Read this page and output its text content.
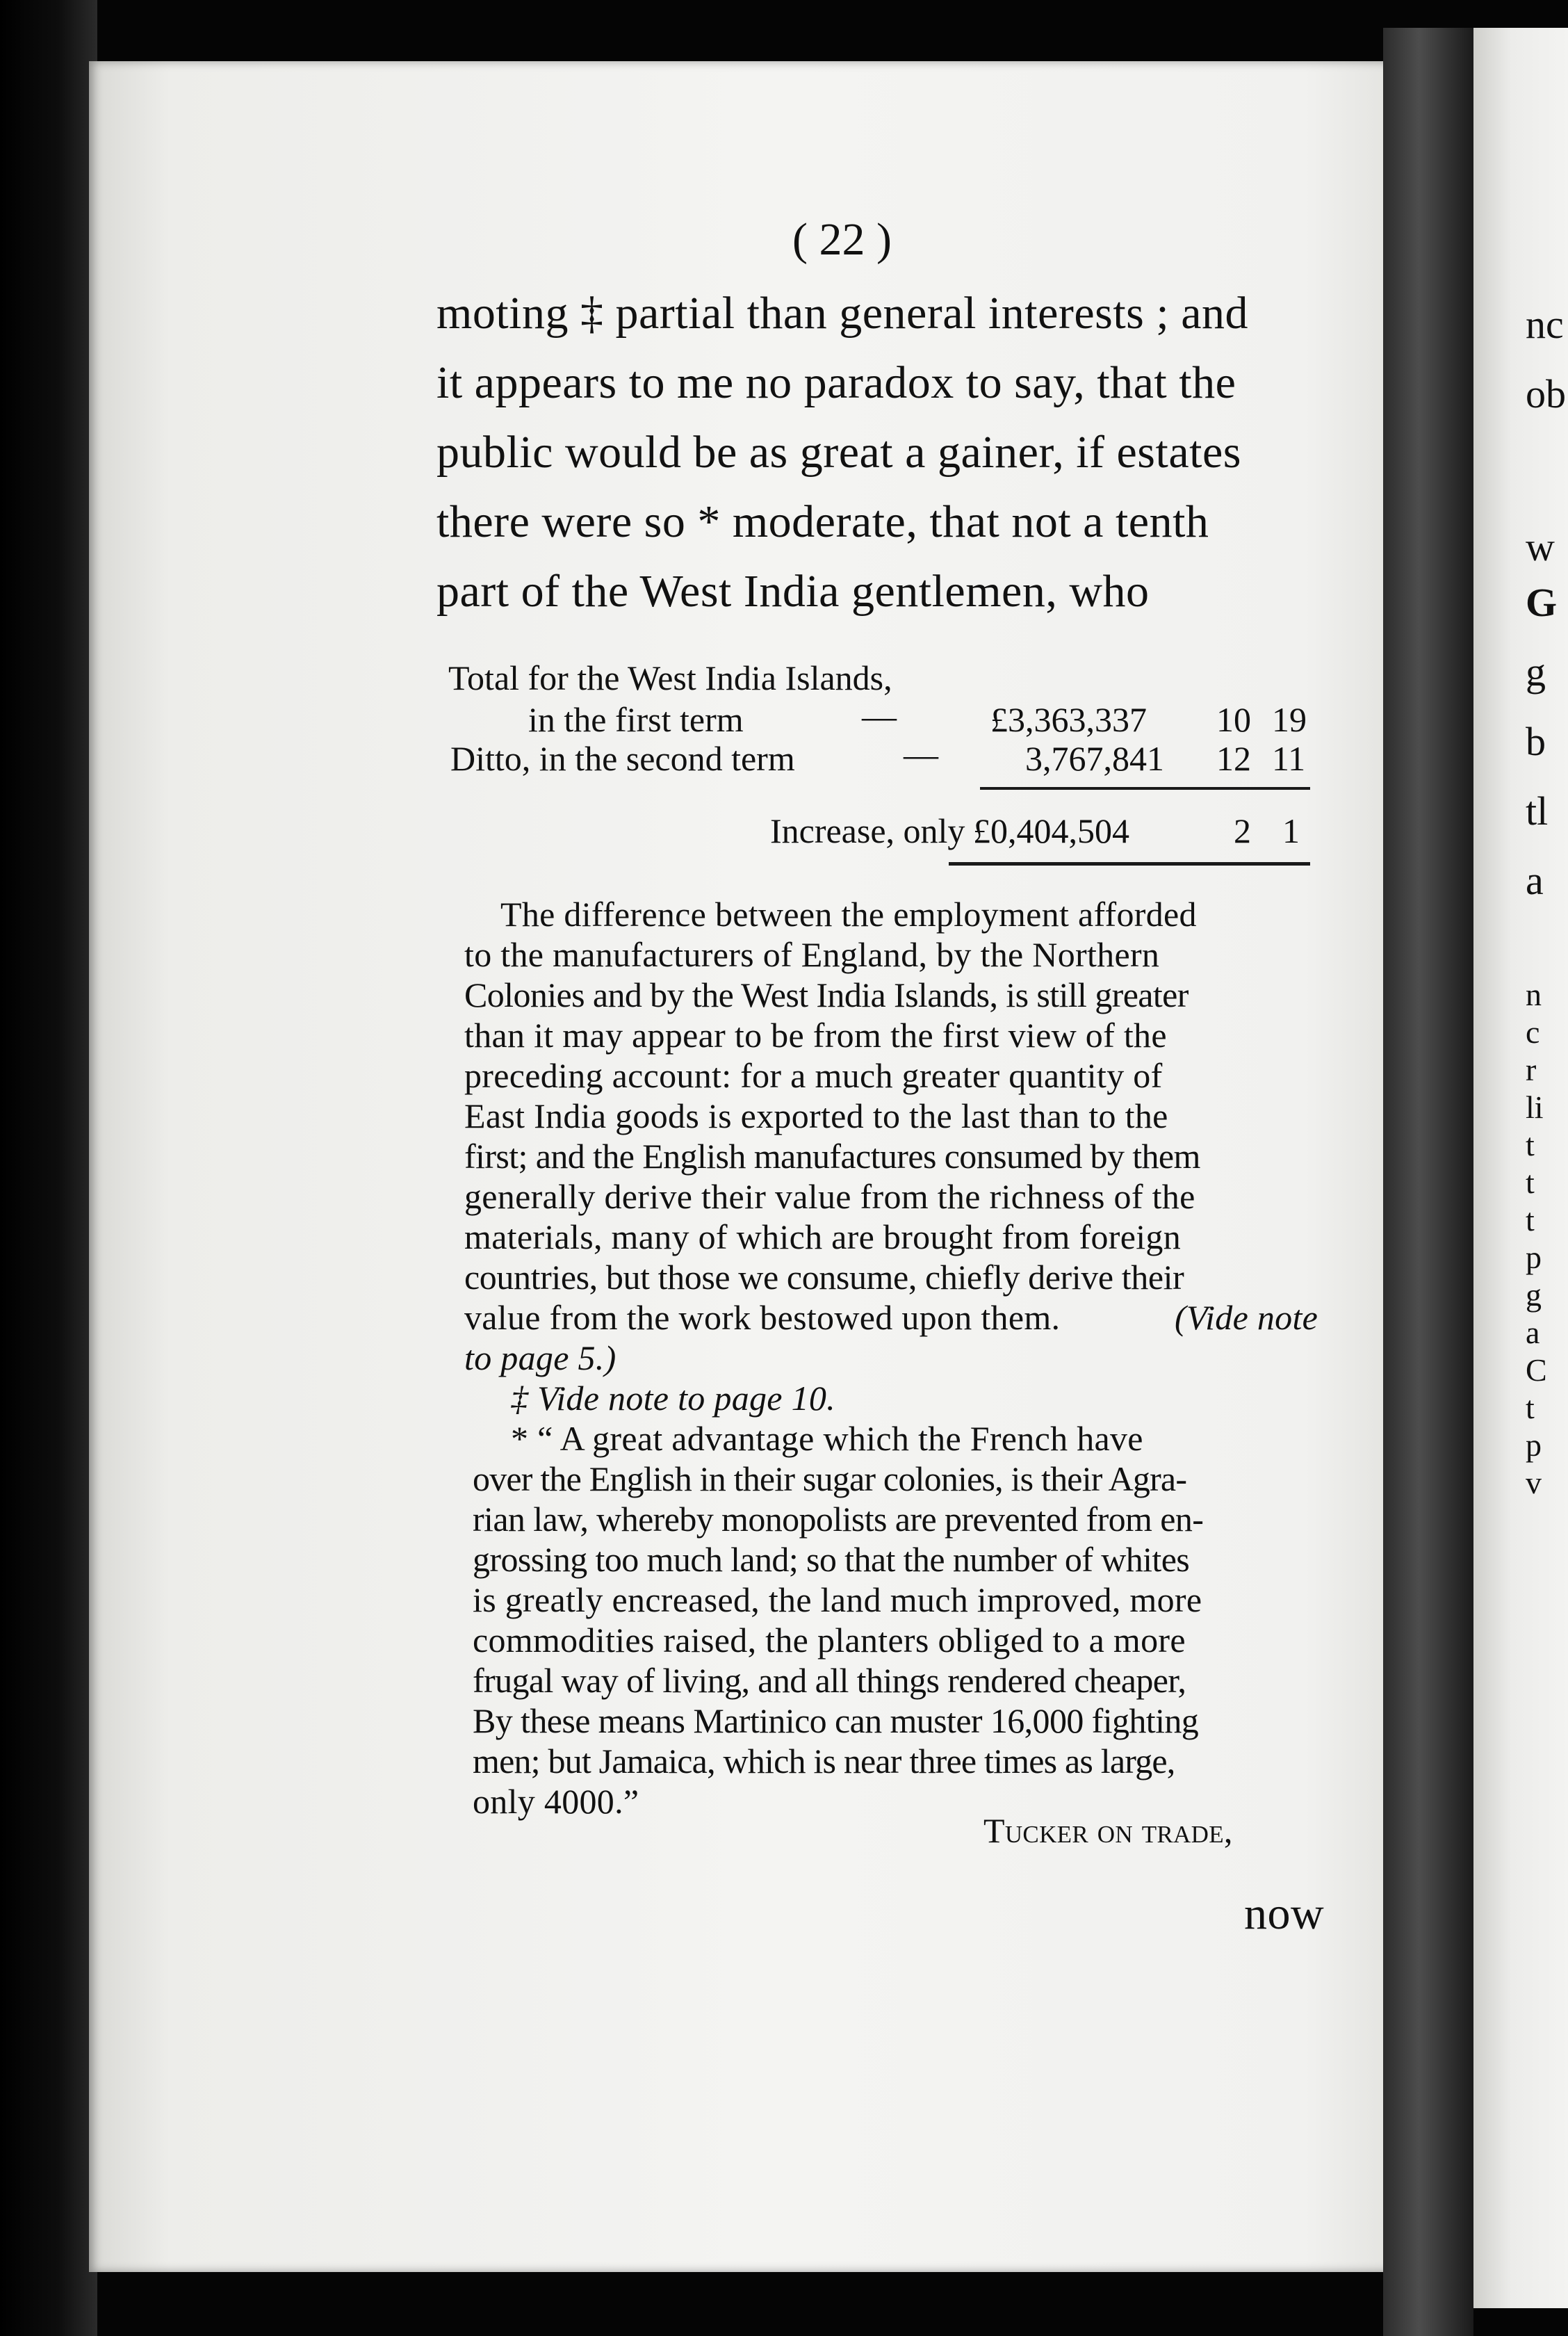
( 22 )
moting ‡ partial than general interests ; and
it appears to me no paradox to say, that the
public would be as great a gainer, if estates
there were so * moderate, that not a tenth
part of the West India gentlemen, who
Total for the West India Islands,
in the first term	—	£3,363,337 10 19
Ditto, in the second term	—	3,767,841 12 11
Increase, only £0,404,504	2 1
The difference between the employment afforded
to the manufacturers of England, by the Northern
Colonies and by the West India Islands, is still greater
than it may appear to be from the first view of the
preceding account: for a much greater quantity of
East India goods is exported to the last than to the
first; and the English manufactures consumed by them
generally derive their value from the richness of the
materials, many of which are brought from foreign
countries, but those we consume, chiefly derive their
value from the work bestowed upon them.	(Vide note
to page 5.)
‡ Vide note to page 10.
* “ A great advantage which the French have
over the English in their sugar colonies, is their Agra-
rian law, whereby monopolists are prevented from en-
grossing too much land; so that the number of whites
is greatly encreased, the land much improved, more
commodities raised, the planters obliged to a more
frugal way of living, and all things rendered cheaper,
By these means Martinico can muster 16,000 fighting
men; but Jamaica, which is near three times as large,
only 4000.”
Tucker on trade,
now
nc
ob
w
G
g
b
tl
a
n
c
r
li
t
t
t
p
g
a
C
t
p
v
